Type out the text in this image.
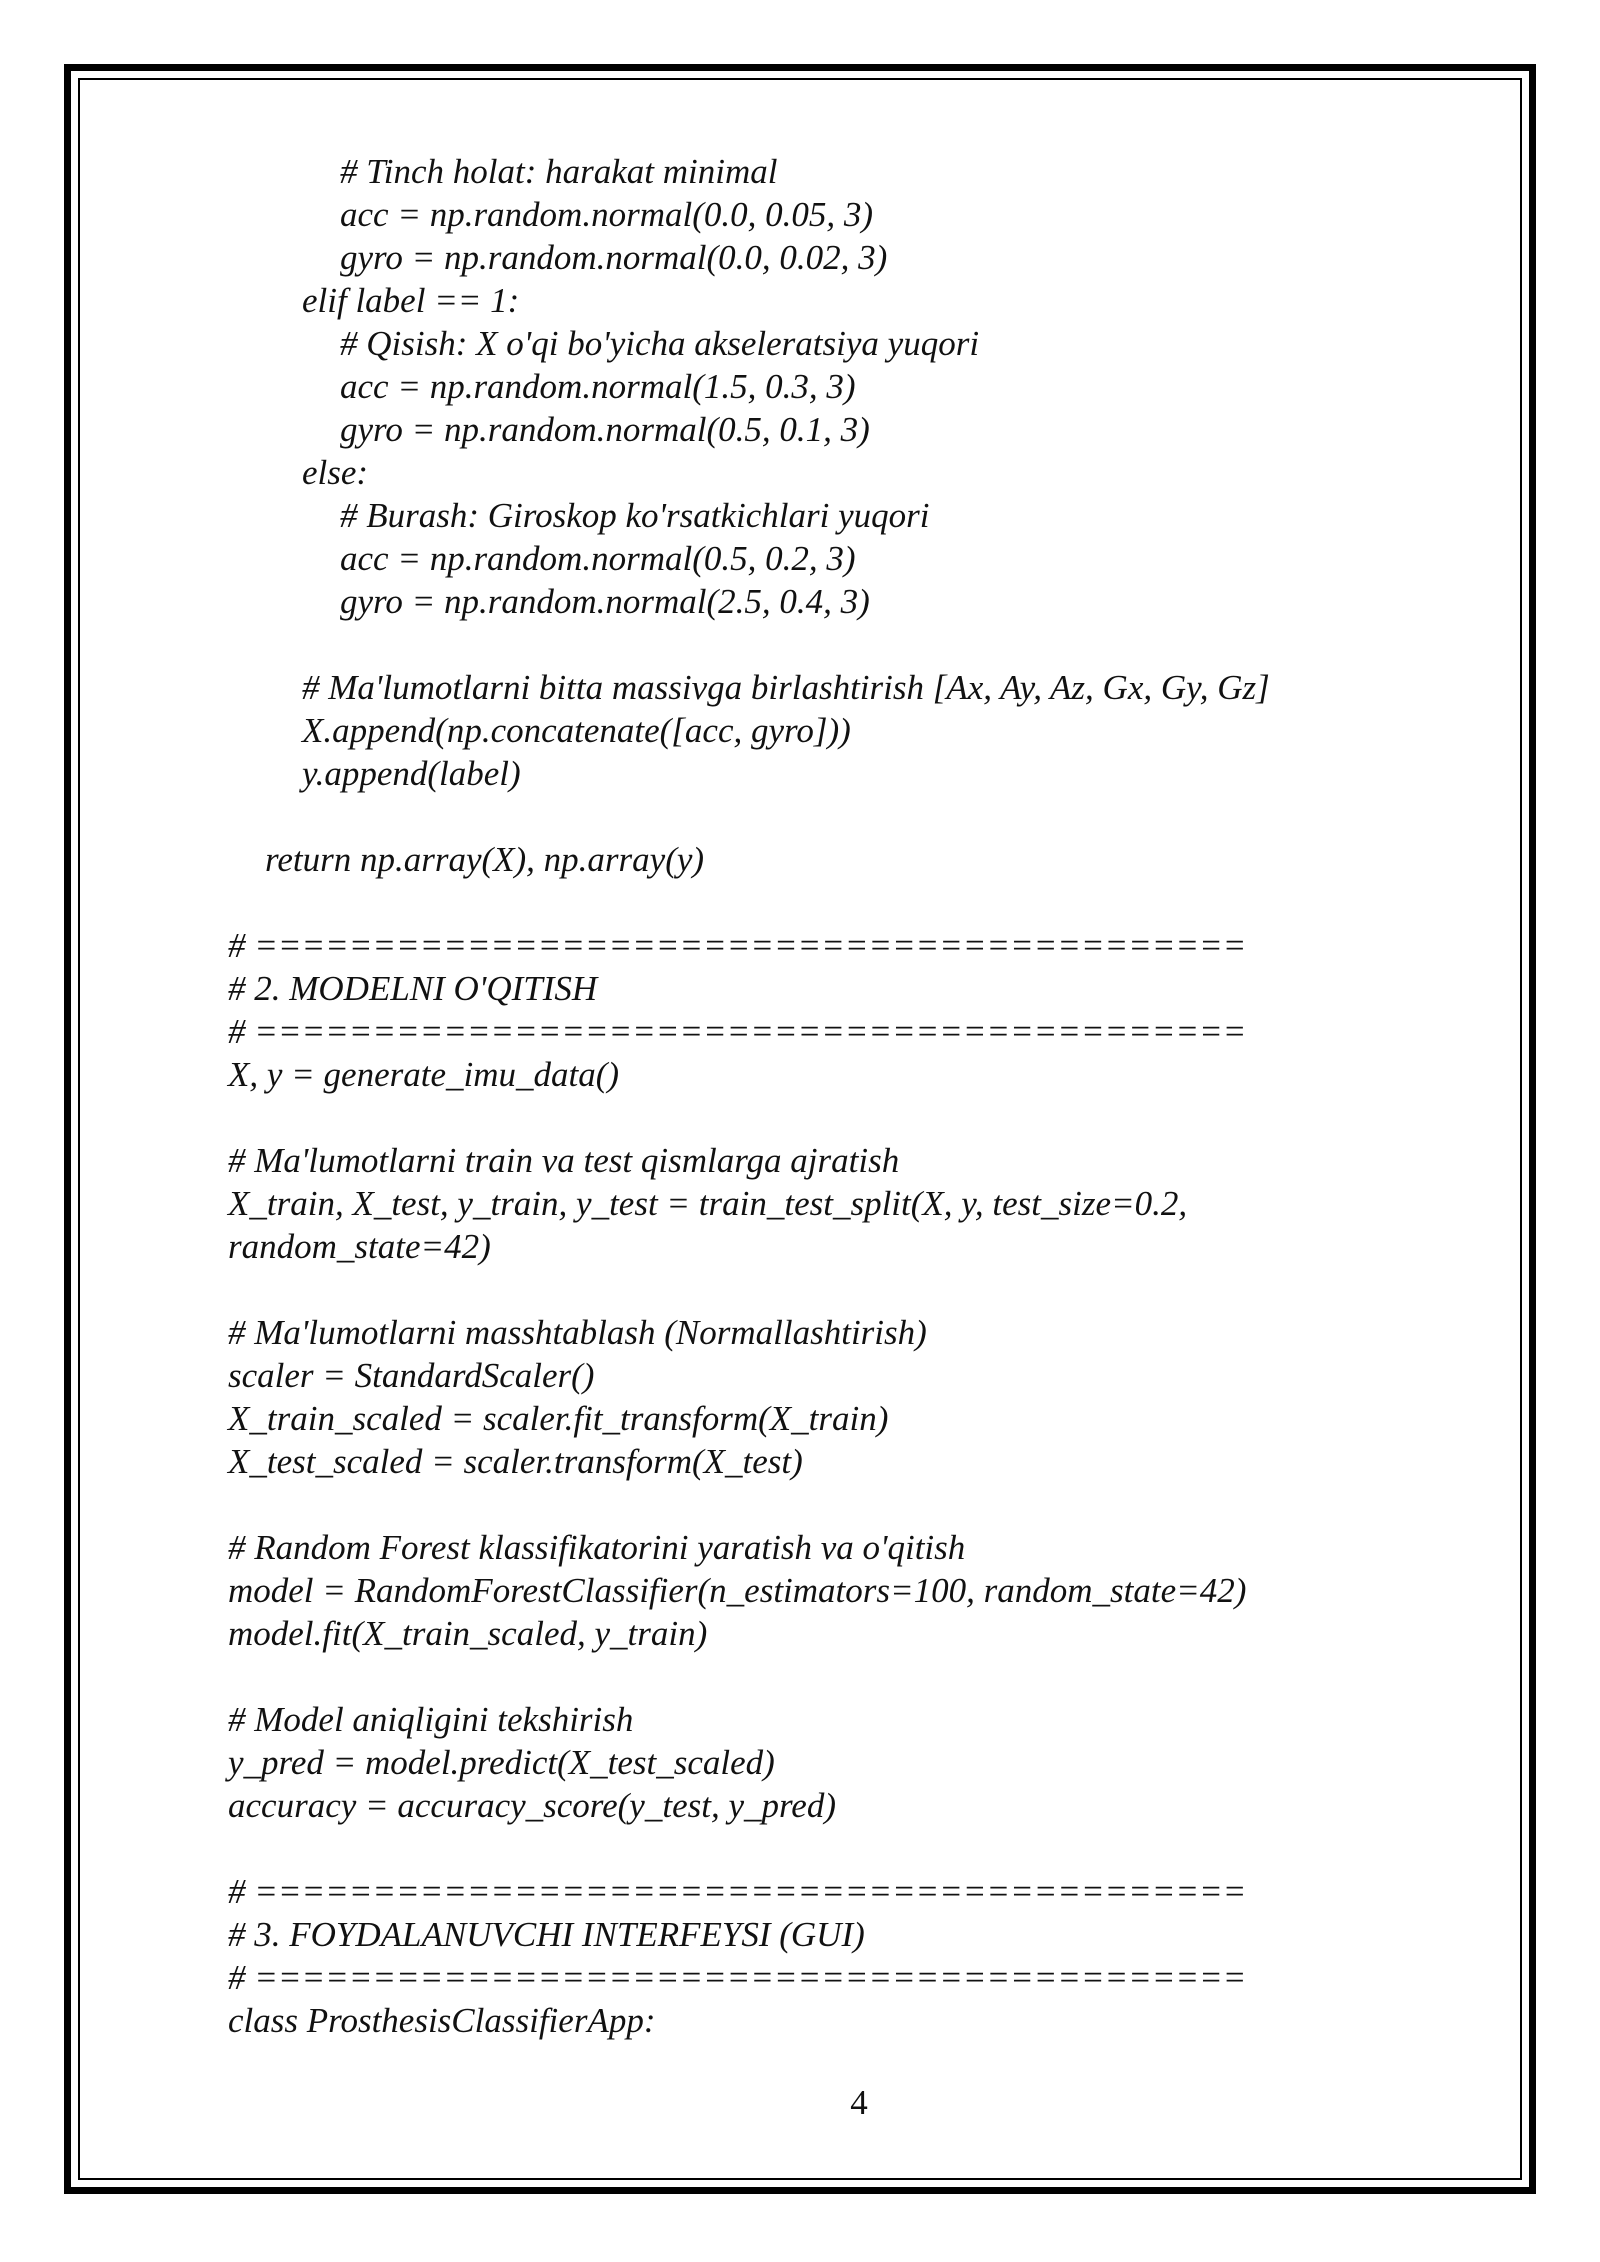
# Tinch holat: harakat minimal
acc = np.random.normal(0.0, 0.05, 3)
gyro = np.random.normal(0.0, 0.02, 3)
elif label == 1:
# Qisish: X o'qi bo'yicha akseleratsiya yuqori
acc = np.random.normal(1.5, 0.3, 3)
gyro = np.random.normal(0.5, 0.1, 3)
else:
# Burash: Giroskop ko'rsatkichlari yuqori
acc = np.random.normal(0.5, 0.2, 3)
gyro = np.random.normal(2.5, 0.4, 3)
# Ma'lumotlarni bitta massivga birlashtirish [Ax, Ay, Az, Gx, Gy, Gz]
X.append(np.concatenate([acc, gyro]))
y.append(label)
return np.array(X), np.array(y)
# ==========================================
# 2. MODELNI O'QITISH
# ==========================================
X, y = generate_imu_data()
# Ma'lumotlarni train va test qismlarga ajratish
X_train, X_test, y_train, y_test = train_test_split(X, y, test_size=0.2,
random_state=42)
# Ma'lumotlarni masshtablash (Normallashtirish)
scaler = StandardScaler()
X_train_scaled = scaler.fit_transform(X_train)
X_test_scaled = scaler.transform(X_test)
# Random Forest klassifikatorini yaratish va o'qitish
model = RandomForestClassifier(n_estimators=100, random_state=42)
model.fit(X_train_scaled, y_train)
# Model aniqligini tekshirish
y_pred = model.predict(X_test_scaled)
accuracy = accuracy_score(y_test, y_pred)
# ==========================================
# 3. FOYDALANUVCHI INTERFEYSI (GUI)
# ==========================================
class ProsthesisClassifierApp:
4
